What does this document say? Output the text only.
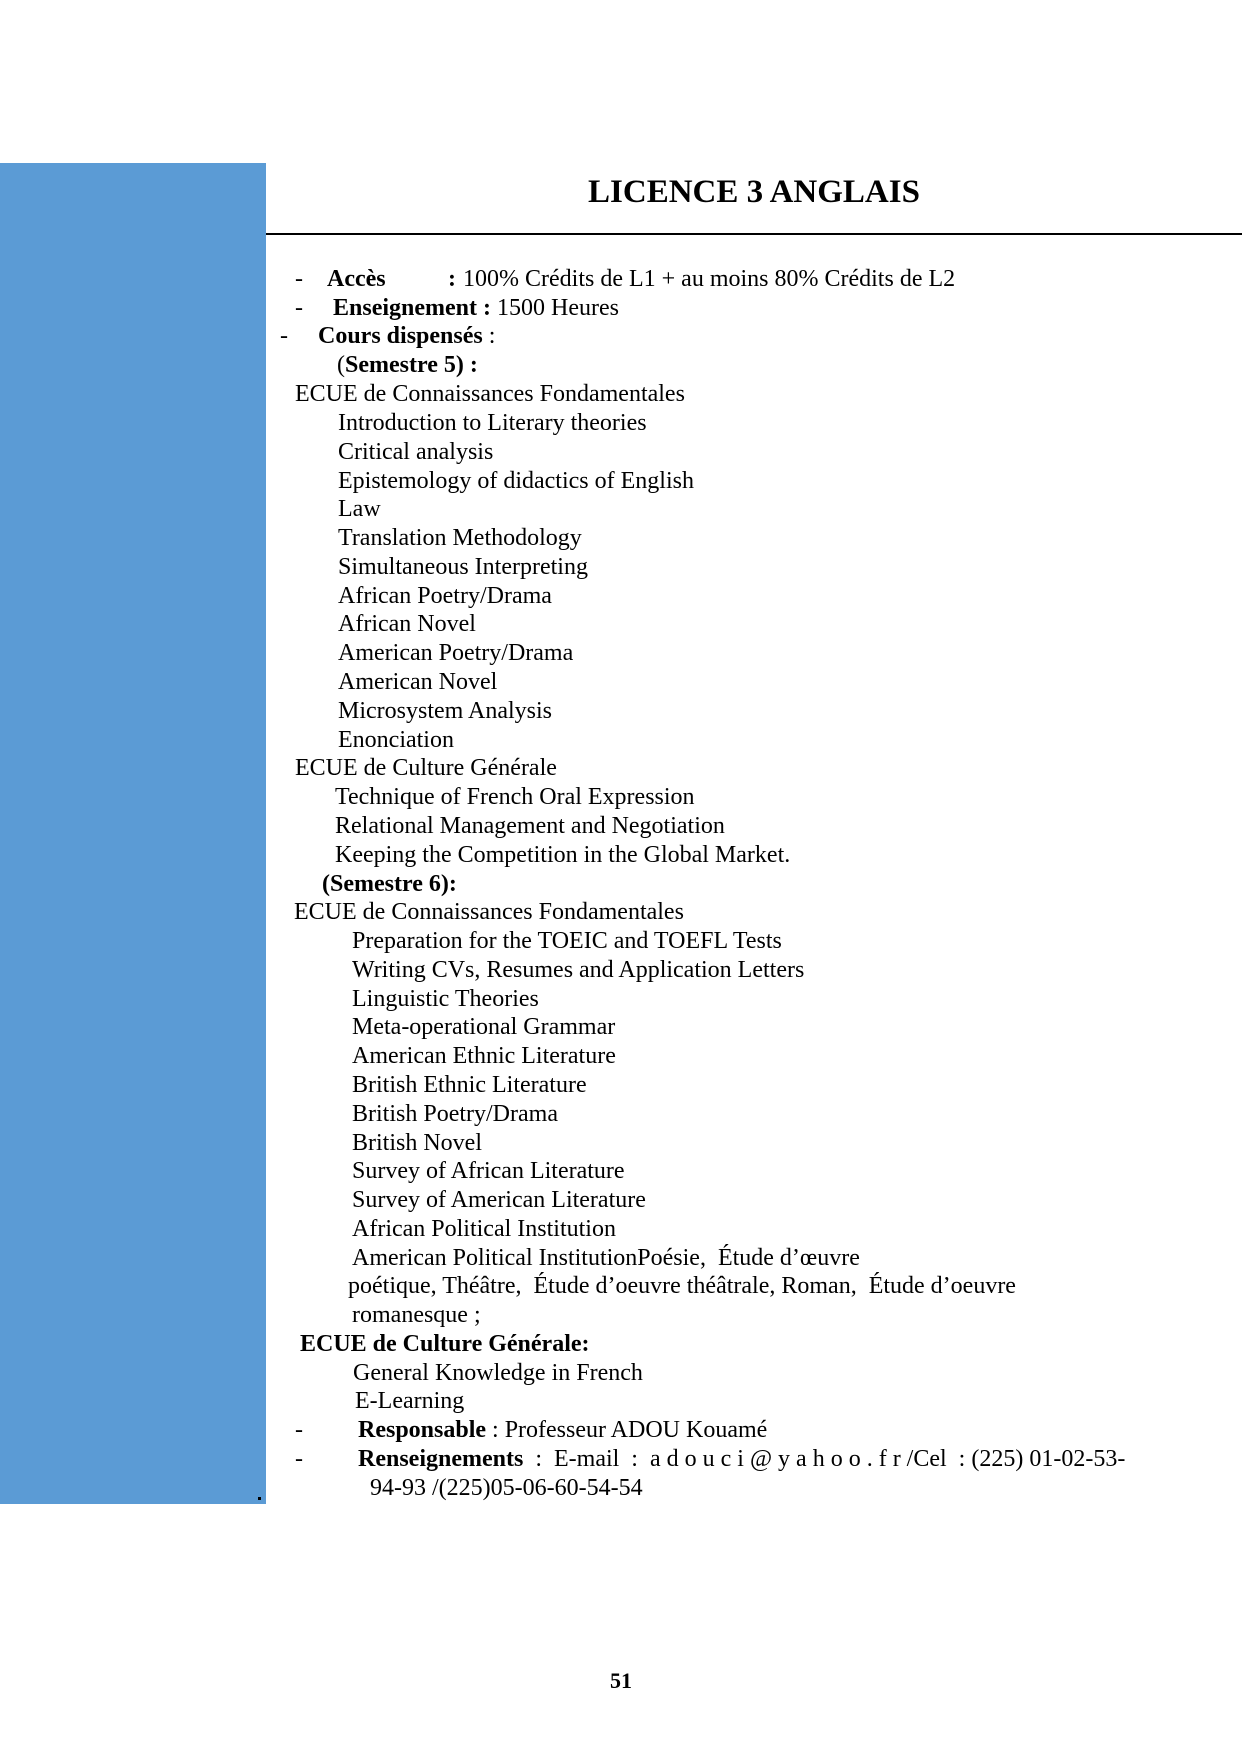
LICENCE 3 ANGLAIS
- Accès	: 100% Crédits de L1 + au moins 80% Crédits de L2
- Enseignement : 1500 Heures
- Cours dispensés :
(Semestre 5) :
ECUE de Connaissances Fondamentales
Introduction to Literary theories
Critical analysis
Epistemology of didactics of English
Law
Translation Methodology
Simultaneous Interpreting
African Poetry/Drama
African Novel
American Poetry/Drama
American Novel
Microsystem Analysis
Enonciation
ECUE de Culture Générale
Technique of French Oral Expression
Relational Management and Negotiation
Keeping the Competition in the Global Market.
(Semestre 6):
ECUE de Connaissances Fondamentales
Preparation for the TOEIC and TOEFL Tests
Writing CVs, Resumes and Application Letters
Linguistic Theories
Meta-operational Grammar
American Ethnic Literature
British Ethnic Literature
British Poetry/Drama
British Novel
Survey of African Literature
Survey of American Literature
African Political Institution
American Political InstitutionPoésie,  Étude d’œuvre
poétique, Théâtre,  Étude d’oeuvre théâtrale, Roman,  Étude d’oeuvre
romanesque ;
ECUE de Culture Générale:
General Knowledge in French
E-Learning
- Responsable : Professeur ADOU Kouamé
- Renseignements  :  E-mail  :  a d o u c i @ y a h o o . f r /Cel  : (225) 01-02-53-
94-93 /(225)05-06-60-54-54
51
